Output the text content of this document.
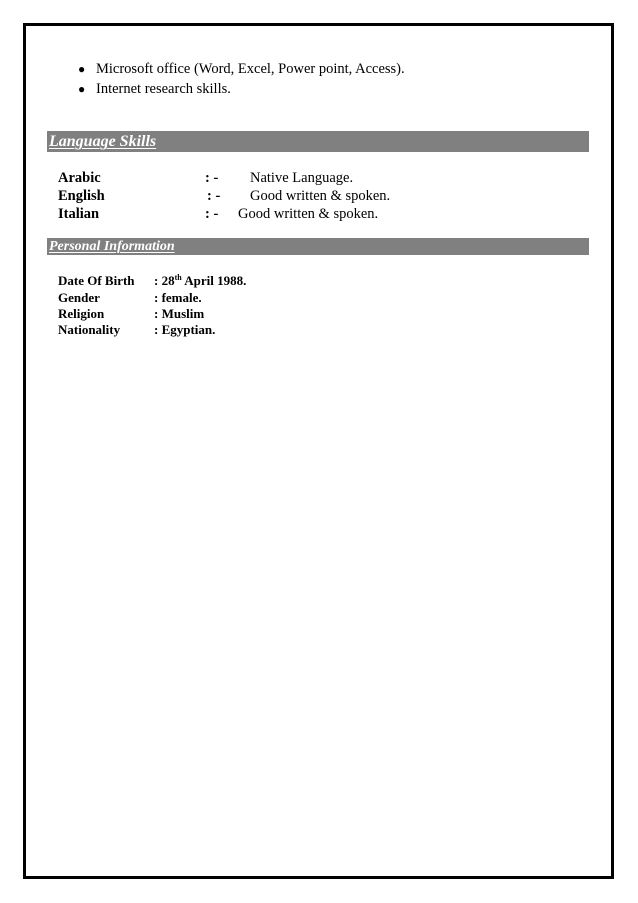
● Microsoft office (Word, Excel, Power point, Access).
● Internet research skills.
Language Skills
Arabic	: - Native Language.
English	: - Good written & spoken.
Italian	: - Good written & spoken.
Personal Information
Date Of Birth : 28th April 1988.
Gender	: female.
Religion	: Muslim
Nationality	: Egyptian.
